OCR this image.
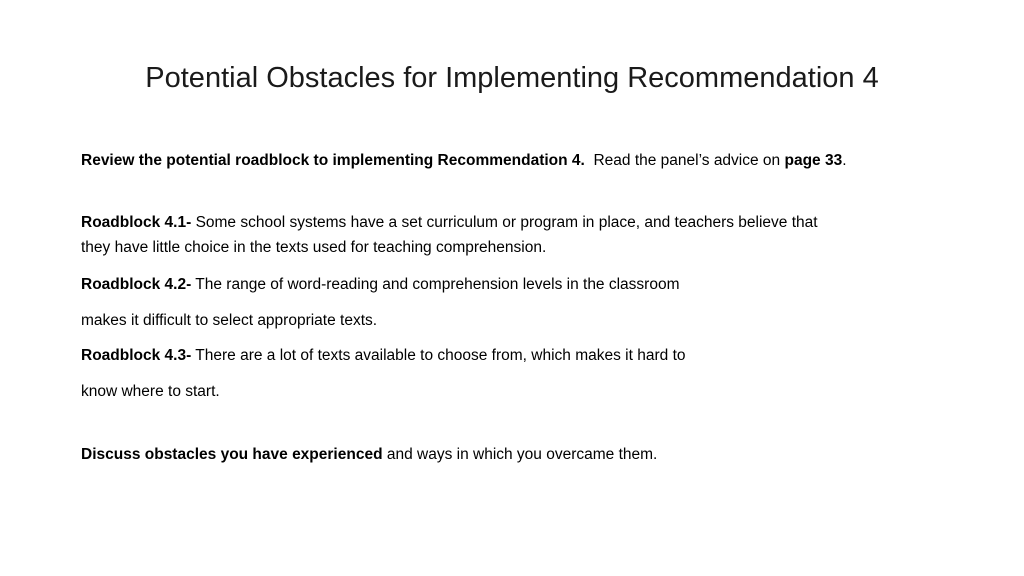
Potential Obstacles for Implementing Recommendation 4

Review the potential roadblock to implementing Recommendation 4. Read the panel’s advice on page 33.

Roadblock 4.1- Some school systems have a set curriculum or program in place, and teachers believe that

they have little choice in the texts used for teaching comprehension.

Roadblock 4.2- The range of word-reading and comprehension levels in the classroom

makes it difficult to select appropriate texts.

Roadblock 4.3- There are a lot of texts available to choose from, which makes it hard to

know where to start.

Discuss obstacles you have experienced and ways in which you overcame them.
